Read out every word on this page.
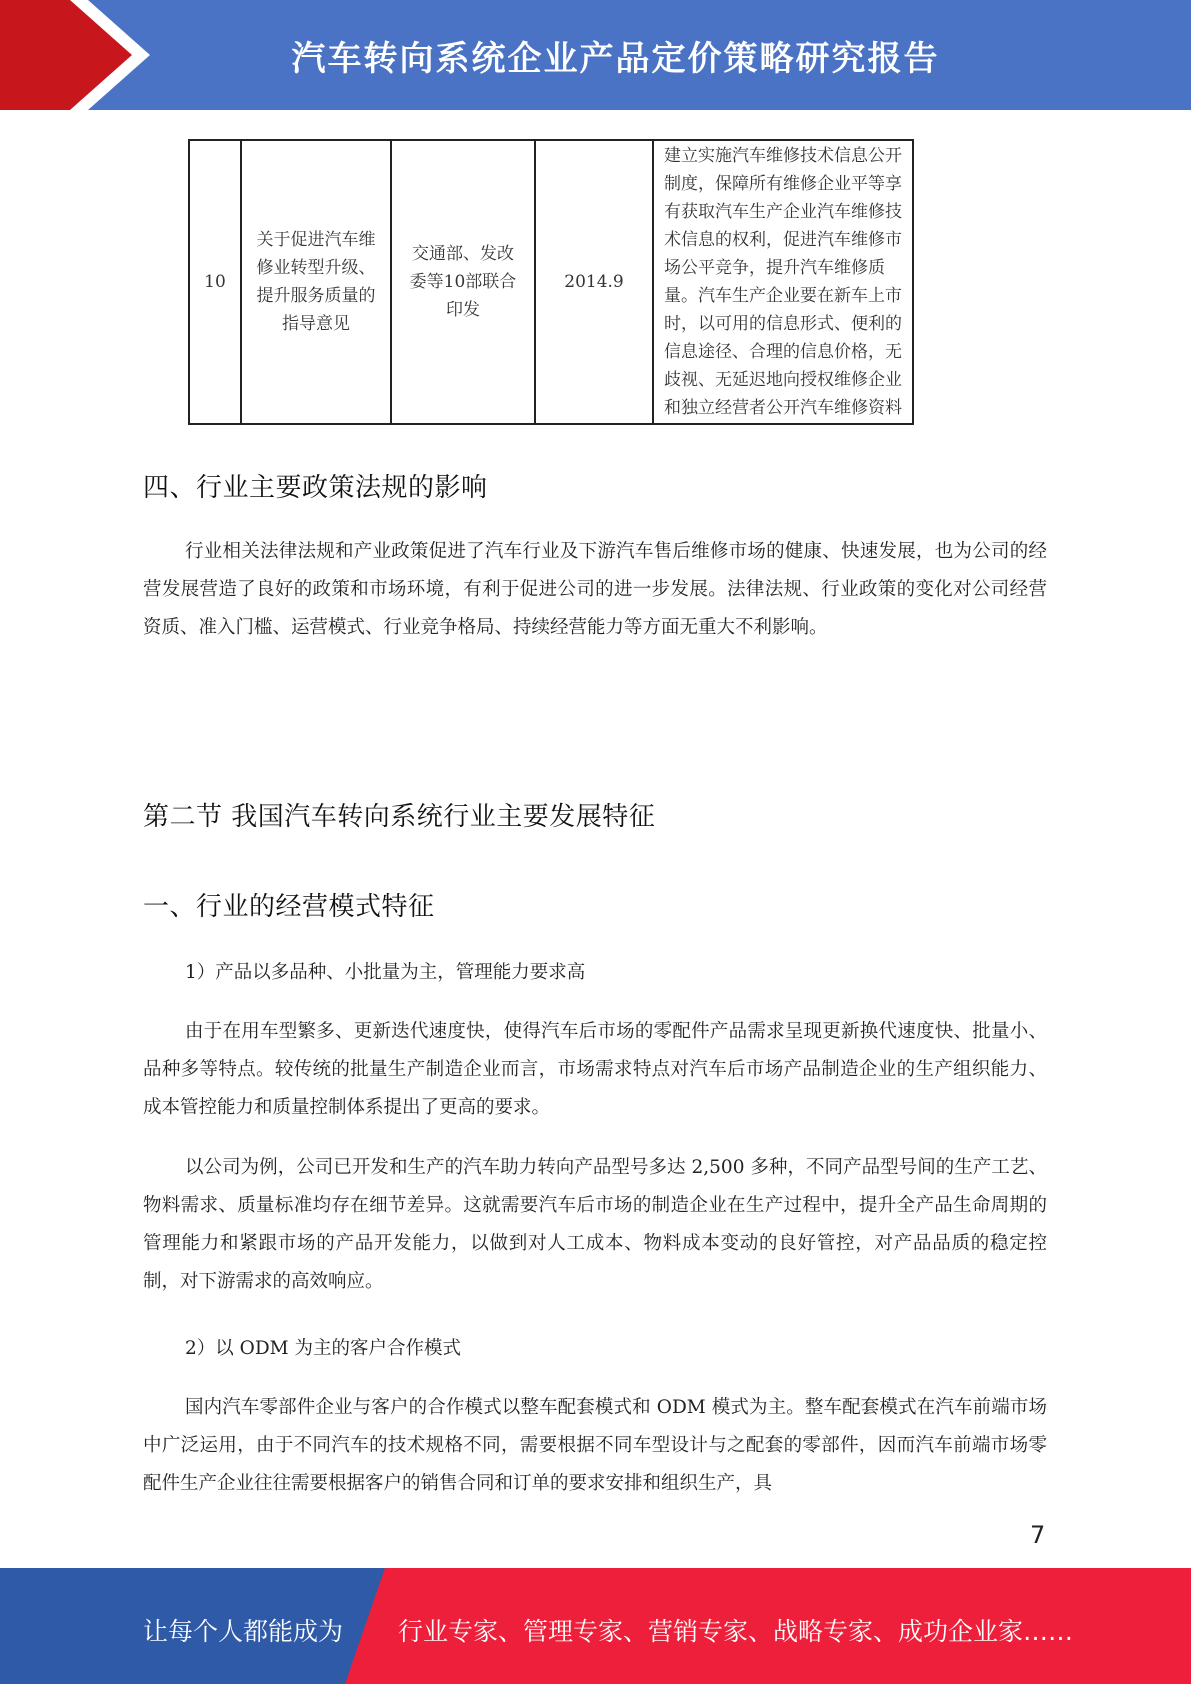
汽车转向系统企业产品定价策略研究报告
10	关于促进汽车维修业转型升级、提升服务质量的指导意见	交通部、发改委等10部联合印发	2014.9	建立实施汽车维修技术信息公开制度，保障所有维修企业平等享有获取汽车生产企业汽车维修技术信息的权利，促进汽车维修市场公平竞争，提升汽车维修质量。汽车生产企业要在新车上市时，以可用的信息形式、便利的信息途径、合理的信息价格，无歧视、无延迟地向授权维修企业和独立经营者公开汽车维修资料
四、行业主要政策法规的影响

行业相关法律法规和产业政策促进了汽车行业及下游汽车售后维修市场的健康、快速发展，也为公司的经营发展营造了良好的政策和市场环境，有利于促进公司的进一步发展。法律法规、行业政策的变化对公司经营资质、准入门槛、运营模式、行业竞争格局、持续经营能力等方面无重大不利影响。

第二节 我国汽车转向系统行业主要发展特征
一、行业的经营模式特征

1）产品以多品种、小批量为主，管理能力要求高

由于在用车型繁多、更新迭代速度快，使得汽车后市场的零配件产品需求呈现更新换代速度快、批量小、品种多等特点。较传统的批量生产制造企业而言，市场需求特点对汽车后市场产品制造企业的生产组织能力、成本管控能力和质量控制体系提出了更高的要求。

以公司为例，公司已开发和生产的汽车助力转向产品型号多达 2,500 多种，不同产品型号间的生产工艺、物料需求、质量标准均存在细节差异。这就需要汽车后市场的制造企业在生产过程中，提升全产品生命周期的管理能力和紧跟市场的产品开发能力，以做到对人工成本、物料成本变动的良好管控，对产品品质的稳定控制，对下游需求的高效响应。

2）以 ODM 为主的客户合作模式

国内汽车零部件企业与客户的合作模式以整车配套模式和 ODM 模式为主。整车配套模式在汽车前端市场中广泛运用，由于不同汽车的技术规格不同，需要根据不同车型设计与之配套的零部件，因而汽车前端市场零配件生产企业往往需要根据客户的销售合同和订单的要求安排和组织生产，具

7
让每个人都能成为 行业专家、管理专家、营销专家、战略专家、成功企业家……
